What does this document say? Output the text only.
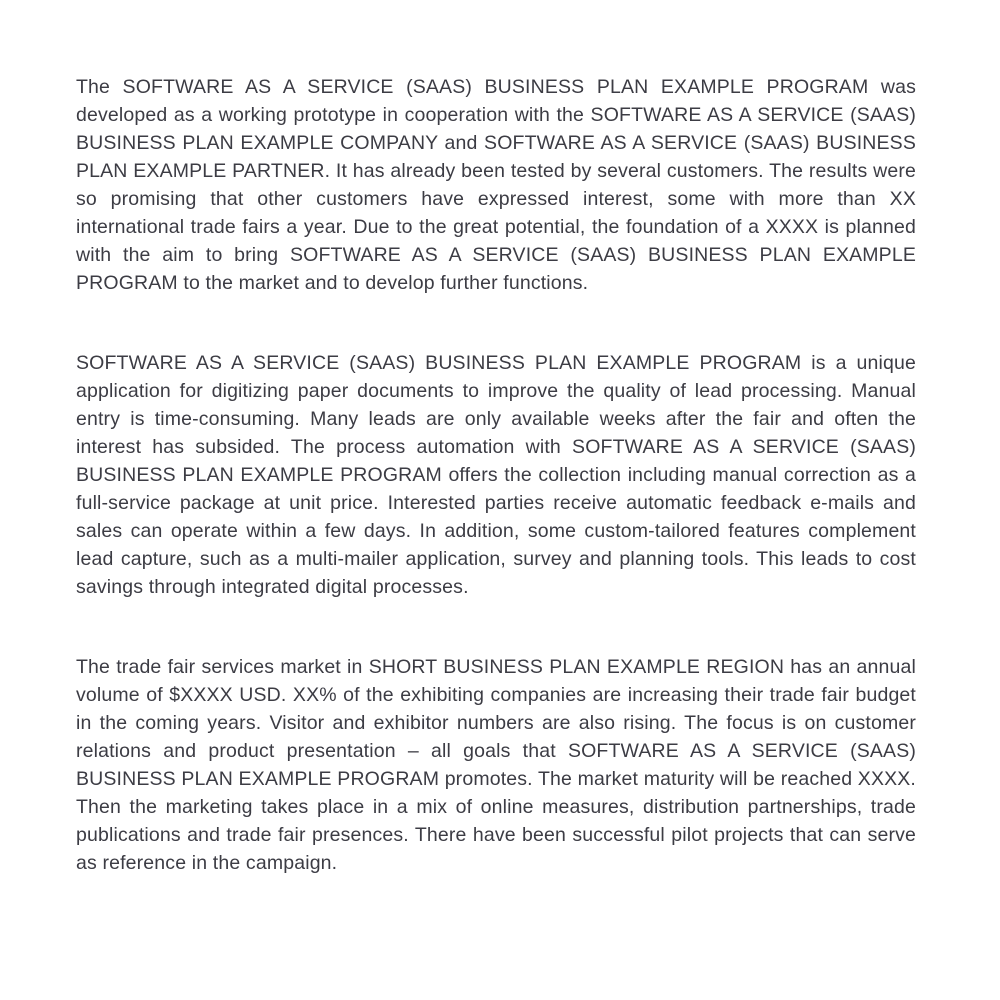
The SOFTWARE AS A SERVICE (SAAS) BUSINESS PLAN EXAMPLE PROGRAM was developed as a working prototype in cooperation with the SOFTWARE AS A SERVICE (SAAS) BUSINESS PLAN EXAMPLE COMPANY and SOFTWARE AS A SERVICE (SAAS) BUSINESS PLAN EXAMPLE PARTNER. It has already been tested by several customers. The results were so promising that other customers have expressed interest, some with more than XX international trade fairs a year. Due to the great potential, the foundation of a XXXX is planned with the aim to bring SOFTWARE AS A SERVICE (SAAS) BUSINESS PLAN EXAMPLE PROGRAM to the market and to develop further functions.

SOFTWARE AS A SERVICE (SAAS) BUSINESS PLAN EXAMPLE PROGRAM is a unique application for digitizing paper documents to improve the quality of lead processing. Manual entry is time-consuming. Many leads are only available weeks after the fair and often the interest has subsided. The process automation with SOFTWARE AS A SERVICE (SAAS) BUSINESS PLAN EXAMPLE PROGRAM offers the collection including manual correction as a full-service package at unit price. Interested parties receive automatic feedback e-mails and sales can operate within a few days. In addition, some custom-tailored features complement lead capture, such as a multi-mailer application, survey and planning tools. This leads to cost savings through integrated digital processes.

The trade fair services market in SHORT BUSINESS PLAN EXAMPLE REGION has an annual volume of $XXXX USD. XX% of the exhibiting companies are increasing their trade fair budget in the coming years. Visitor and exhibitor numbers are also rising. The focus is on customer relations and product presentation – all goals that SOFTWARE AS A SERVICE (SAAS) BUSINESS PLAN EXAMPLE PROGRAM promotes. The market maturity will be reached XXXX. Then the marketing takes place in a mix of online measures, distribution partnerships, trade publications and trade fair presences. There have been successful pilot projects that can serve as reference in the campaign.
